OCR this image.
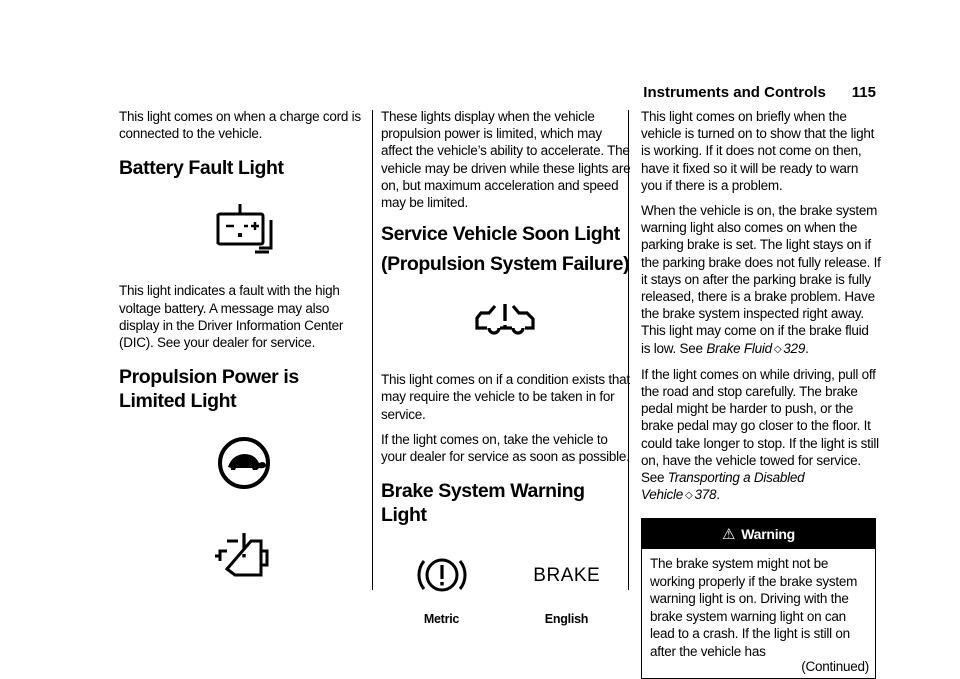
Instruments and Controls 115

This light comes on when a charge cord is connected to the vehicle.

Battery Fault Light

This light indicates a fault with the high voltage battery. A message may also display in the Driver Information Center (DIC). See your dealer for service.

Propulsion Power is Limited Light

These lights display when the vehicle propulsion power is limited, which may affect the vehicle’s ability to accelerate. The vehicle may be driven while these lights are on, but maximum acceleration and speed may be limited.

Service Vehicle Soon Light (Propulsion System Failure)

This light comes on if a condition exists that may require the vehicle to be taken in for service.

If the light comes on, take the vehicle to your dealer for service as soon as possible.

Brake System Warning Light
BRAKE
Metric	English

This light comes on briefly when the vehicle is turned on to show that the light is working. If it does not come on then, have it fixed so it will be ready to warn you if there is a problem.

When the vehicle is on, the brake system warning light also comes on when the parking brake is set. The light stays on if the parking brake does not fully release. If it stays on after the parking brake is fully released, there is a brake problem. Have the brake system inspected right away. This light may come on if the brake fluid is low. See Brake Fluid ◇ 329.

If the light comes on while driving, pull off the road and stop carefully. The brake pedal might be harder to push, or the brake pedal may go closer to the floor. It could take longer to stop. If the light is still on, have the vehicle towed for service. See Transporting a Disabled Vehicle ◇ 378.

⚠ Warning
The brake system might not be working properly if the brake system warning light is on. Driving with the brake system warning light on can lead to a crash. If the light is still on after the vehicle has
(Continued)
